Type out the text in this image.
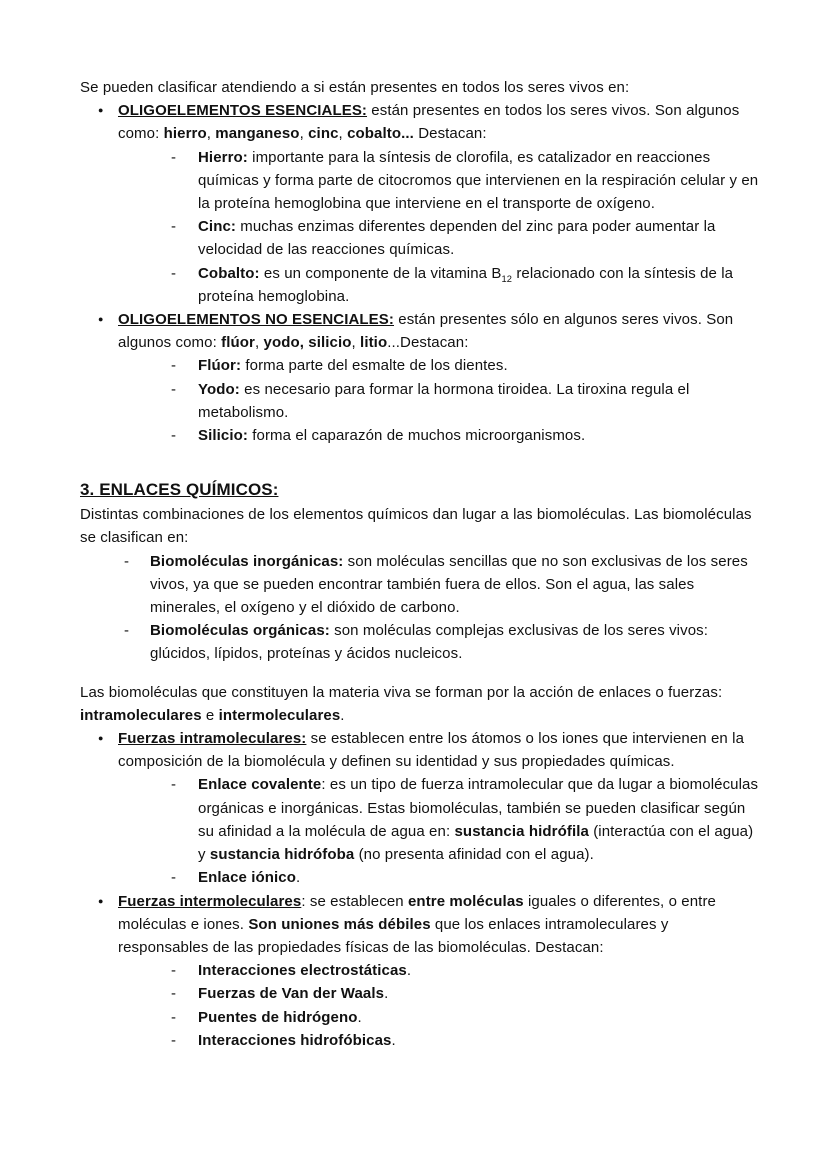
Se pueden clasificar atendiendo a si están presentes en todos los seres vivos en:
● OLIGOELEMENTOS ESENCIALES: están presentes en todos los seres vivos. Son algunos como: hierro, manganeso, cinc, cobalto... Destacan:
- Hierro: importante para la síntesis de clorofila, es catalizador en reacciones químicas y forma parte de citocromos que intervienen en la respiración celular y en la proteína hemoglobina que interviene en el transporte de oxígeno.
- Cinc: muchas enzimas diferentes dependen del zinc para poder aumentar la velocidad de las reacciones químicas.
- Cobalto: es un componente de la vitamina $B_{12}$ relacionado con la síntesis de la proteína hemoglobina.
● OLIGOELEMENTOS NO ESENCIALES: están presentes sólo en algunos seres vivos. Son algunos como: flúor, yodo, silicio, litio...Destacan:
- Flúor: forma parte del esmalte de los dientes.
- Yodo: es necesario para formar la hormona tiroidea. La tiroxina regula el metabolismo.
- Silicio: forma el caparazón de muchos microorganismos.
3. ENLACES QUÍMICOS:
Distintas combinaciones de los elementos químicos dan lugar a las biomoléculas. Las biomoléculas se clasifican en:
- Biomoléculas inorgánicas: son moléculas sencillas que no son exclusivas de los seres vivos, ya que se pueden encontrar también fuera de ellos. Son el agua, las sales minerales, el oxígeno y el dióxido de carbono.
- Biomoléculas orgánicas: son moléculas complejas exclusivas de los seres vivos: glúcidos, lípidos, proteínas y ácidos nucleicos.
Las biomoléculas que constituyen la materia viva se forman por la acción de enlaces o fuerzas: intramoleculares e intermoleculares.
● Fuerzas intramoleculares: se establecen entre los átomos o los iones que intervienen en la composición de la biomolécula y definen su identidad y sus propiedades químicas.
- Enlace covalente: es un tipo de fuerza intramolecular que da lugar a biomoléculas orgánicas e inorgánicas. Estas biomoléculas, también se pueden clasificar según su afinidad a la molécula de agua en: sustancia hidrófila (interactúa con el agua) y sustancia hidrófoba (no presenta afinidad con el agua).
- Enlace iónico.
● Fuerzas intermoleculares: se establecen entre moléculas iguales o diferentes, o entre moléculas e iones. Son uniones más débiles que los enlaces intramoleculares y responsables de las propiedades físicas de las biomoléculas. Destacan:
- Interacciones electrostáticas.
- Fuerzas de Van der Waals.
- Puentes de hidrógeno.
- Interacciones hidrofóbicas.
